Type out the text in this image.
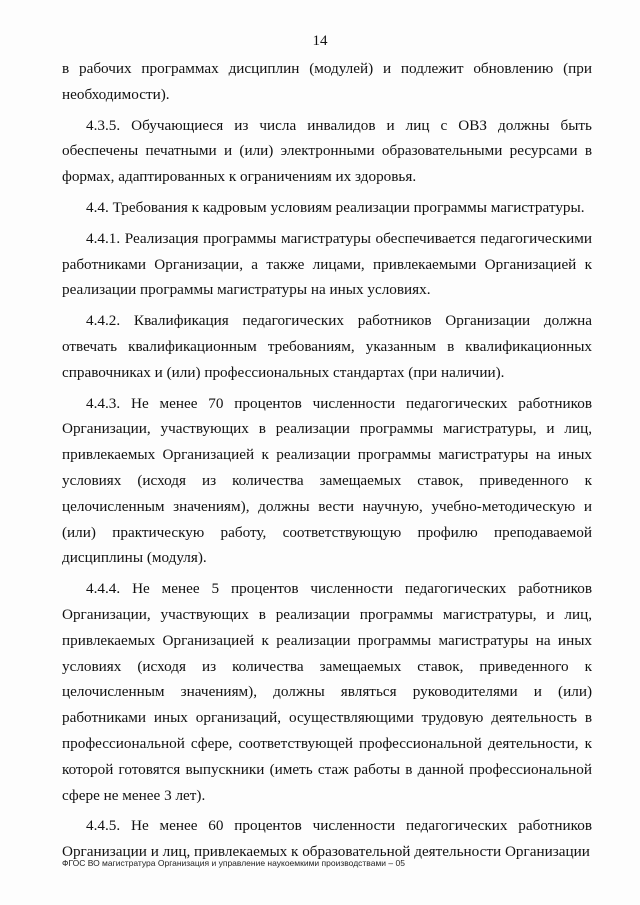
14

в рабочих программах дисциплин (модулей) и подлежит обновлению (при необходимости).

4.3.5. Обучающиеся из числа инвалидов и лиц с ОВЗ должны быть обеспечены печатными и (или) электронными образовательными ресурсами в формах, адаптированных к ограничениям их здоровья.

4.4. Требования к кадровым условиям реализации программы магистратуры.

4.4.1. Реализация программы магистратуры обеспечивается педагогическими работниками Организации, а также лицами, привлекаемыми Организацией к реализации программы магистратуры на иных условиях.

4.4.2. Квалификация педагогических работников Организации должна отвечать квалификационным требованиям, указанным в квалификационных справочниках и (или) профессиональных стандартах (при наличии).

4.4.3. Не менее 70 процентов численности педагогических работников Организации, участвующих в реализации программы магистратуры, и лиц, привлекаемых Организацией к реализации программы магистратуры на иных условиях (исходя из количества замещаемых ставок, приведенного к целочисленным значениям), должны вести научную, учебно-методическую и (или) практическую работу, соответствующую профилю преподаваемой дисциплины (модуля).

4.4.4. Не менее 5 процентов численности педагогических работников Организации, участвующих в реализации программы магистратуры, и лиц, привлекаемых Организацией к реализации программы магистратуры на иных условиях (исходя из количества замещаемых ставок, приведенного к целочисленным значениям), должны являться руководителями и (или) работниками иных организаций, осуществляющими трудовую деятельность в профессиональной сфере, соответствующей профессиональной деятельности, к которой готовятся выпускники (иметь стаж работы в данной профессиональной сфере не менее 3 лет).

4.4.5. Не менее 60 процентов численности педагогических работников Организации и лиц, привлекаемых к образовательной деятельности Организации

ФГОС ВО магистратура Организация и управление наукоемкими производствами – 05
